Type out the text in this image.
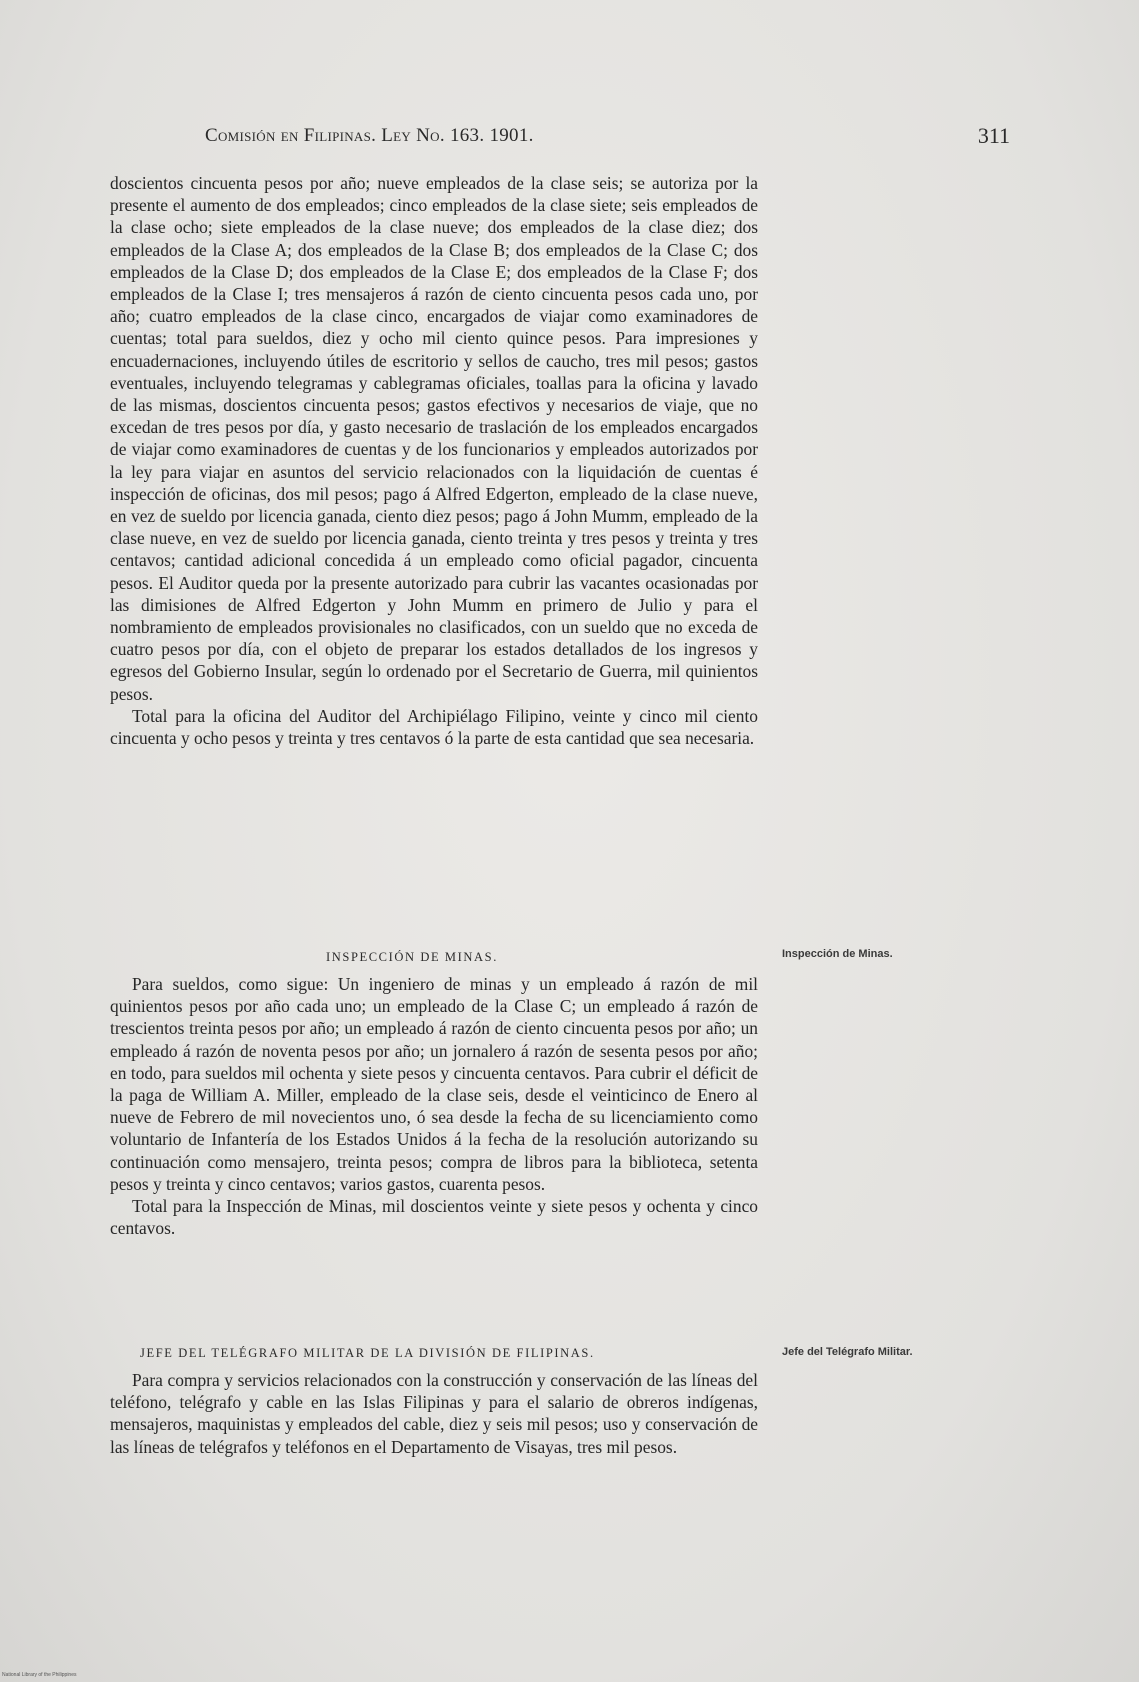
Comisión en Filipinas. Ley No. 163. 1901.	311

doscientos cincuenta pesos por año; nueve empleados de la clase seis; se autoriza por la presente el aumento de dos empleados; cinco empleados de la clase siete; seis empleados de la clase ocho; siete empleados de la clase nueve; dos empleados de la clase diez; dos empleados de la Clase A; dos empleados de la Clase B; dos empleados de la Clase C; dos empleados de la Clase D; dos empleados de la Clase E; dos empleados de la Clase F; dos empleados de la Clase I; tres mensajeros á razón de ciento cincuenta pesos cada uno, por año; cuatro empleados de la clase cinco, encargados de viajar como examinadores de cuentas; total para sueldos, diez y ocho mil ciento quince pesos. Para impresiones y encuadernaciones, incluyendo útiles de escritorio y sellos de caucho, tres mil pesos; gastos eventuales, incluyendo telegramas y cablegramas oficiales, toallas para la oficina y lavado de las mismas, doscientos cincuenta pesos; gastos efectivos y necesarios de viaje, que no excedan de tres pesos por día, y gasto necesario de traslación de los empleados encargados de viajar como examinadores de cuentas y de los funcionarios y empleados autorizados por la ley para viajar en asuntos del servicio relacionados con la liquidación de cuentas é inspección de oficinas, dos mil pesos; pago á Alfred Edgerton, empleado de la clase nueve, en vez de sueldo por licencia ganada, ciento diez pesos; pago á John Mumm, empleado de la clase nueve, en vez de sueldo por licencia ganada, ciento treinta y tres pesos y treinta y tres centavos; cantidad adicional concedida á un empleado como oficial pagador, cincuenta pesos. El Auditor queda por la presente autorizado para cubrir las vacantes ocasionadas por las dimisiones de Alfred Edgerton y John Mumm en primero de Julio y para el nombramiento de empleados provisionales no clasificados, con un sueldo que no exceda de cuatro pesos por día, con el objeto de preparar los estados detallados de los ingresos y egresos del Gobierno Insular, según lo ordenado por el Secretario de Guerra, mil quinientos pesos.

Total para la oficina del Auditor del Archipiélago Filipino, veinte y cinco mil ciento cincuenta y ocho pesos y treinta y tres centavos ó la parte de esta cantidad que sea necesaria.

INSPECCIÓN DE MINAS.	Inspección de Minas.

Para sueldos, como sigue: Un ingeniero de minas y un empleado á razón de mil quinientos pesos por año cada uno; un empleado de la Clase C; un empleado á razón de trescientos treinta pesos por año; un empleado á razón de ciento cincuenta pesos por año; un empleado á razón de noventa pesos por año; un jornalero á razón de sesenta pesos por año; en todo, para sueldos mil ochenta y siete pesos y cincuenta centavos. Para cubrir el déficit de la paga de William A. Miller, empleado de la clase seis, desde el veinticinco de Enero al nueve de Febrero de mil novecientos uno, ó sea desde la fecha de su licenciamiento como voluntario de Infantería de los Estados Unidos á la fecha de la resolución autorizando su continuación como mensajero, treinta pesos; compra de libros para la biblioteca, setenta pesos y treinta y cinco centavos; varios gastos, cuarenta pesos.

Total para la Inspección de Minas, mil doscientos veinte y siete pesos y ochenta y cinco centavos.

JEFE DEL TELÉGRAFO MILITAR DE LA DIVISIÓN DE FILIPINAS.	Jefe del Telégrafo Militar.

Para compra y servicios relacionados con la construcción y conservación de las líneas del teléfono, telégrafo y cable en las Islas Filipinas y para el salario de obreros indígenas, mensajeros, maquinistas y empleados del cable, diez y seis mil pesos; uso y conservación de las líneas de telégrafos y teléfonos en el Departamento de Visayas, tres mil pesos.

National Library of the Philippines
